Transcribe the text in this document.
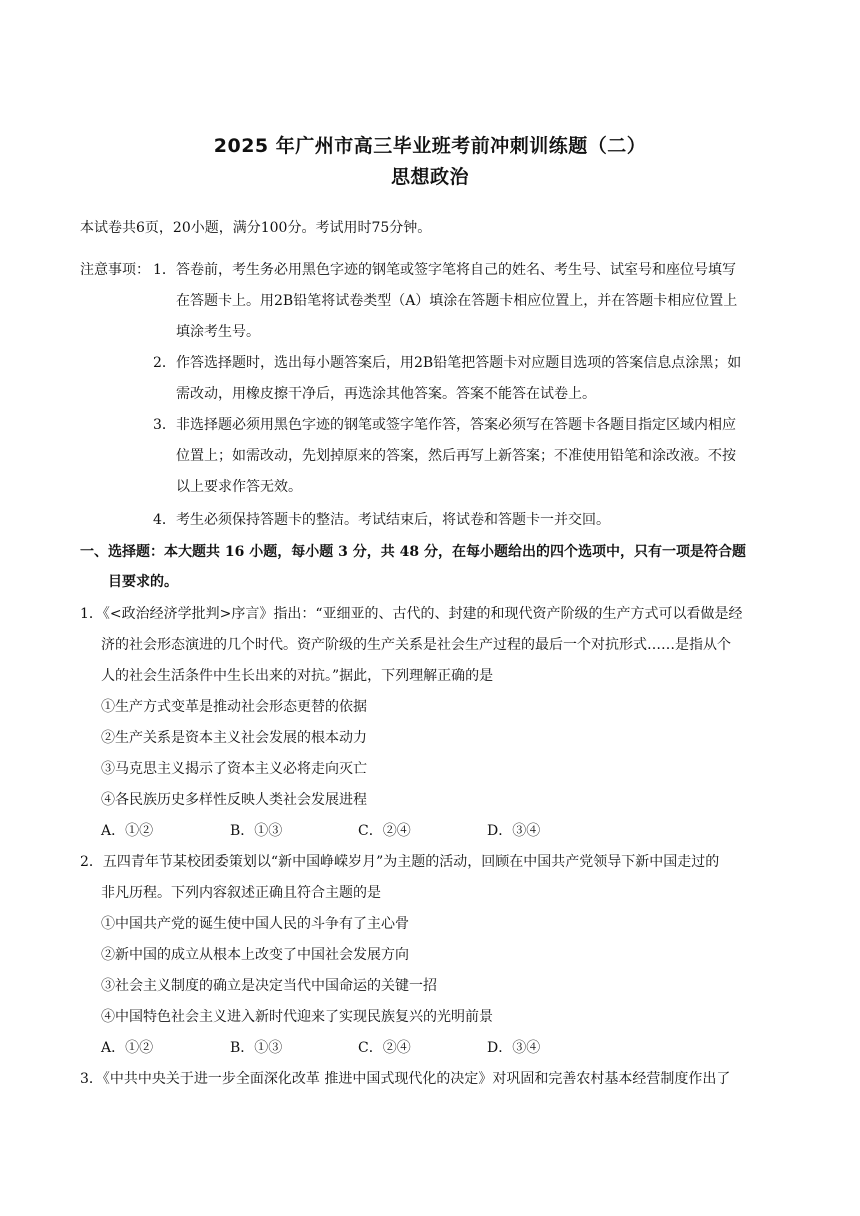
2025 年广州市高三毕业班考前冲刺训练题（二）
思想政治
本试卷共6页，20小题，满分100分。考试用时75分钟。
注意事项： 1． 答卷前，考生务必用黑色字迹的钢笔或签字笔将自己的姓名、考生号、试室号和座位号填写
在答题卡上。用2B铅笔将试卷类型（A）填涂在答题卡相应位置上，并在答题卡相应位置上
填涂考生号。
2． 作答选择题时，选出每小题答案后，用2B铅笔把答题卡对应题目选项的答案信息点涂黑；如
需改动，用橡皮擦干净后，再选涂其他答案。答案不能答在试卷上。
3． 非选择题必须用黑色字迹的钢笔或签字笔作答，答案必须写在答题卡各题目指定区域内相应
位置上；如需改动，先划掉原来的答案，然后再写上新答案；不准使用铅笔和涂改液。不按
以上要求作答无效。
4． 考生必须保持答题卡的整洁。考试结束后，将试卷和答题卡一并交回。
一、选择题：本大题共 16 小题，每小题 3 分，共 48 分，在每小题给出的四个选项中，只有一项是符合题
目要求的。
1．《<政治经济学批判>序言》指出：“亚细亚的、古代的、封建的和现代资产阶级的生产方式可以看做是经
济的社会形态演进的几个时代。资产阶级的生产关系是社会生产过程的最后一个对抗形式……是指从个
人的社会生活条件中生长出来的对抗。”据此，下列理解正确的是
①生产方式变革是推动社会形态更替的依据
②生产关系是资本主义社会发展的根本动力
③马克思主义揭示了资本主义必将走向灭亡
④各民族历史多样性反映人类社会发展进程
A．①②	B．①③	C．②④	D．③④
2．五四青年节某校团委策划以“新中国峥嵘岁月”为主题的活动，回顾在中国共产党领导下新中国走过的
非凡历程。下列内容叙述正确且符合主题的是
①中国共产党的诞生使中国人民的斗争有了主心骨
②新中国的成立从根本上改变了中国社会发展方向
③社会主义制度的确立是决定当代中国命运的关键一招
④中国特色社会主义进入新时代迎来了实现民族复兴的光明前景
A．①②	B．①③	C．②④	D．③④
3．《中共中央关于进一步全面深化改革 推进中国式现代化的决定》对巩固和完善农村基本经营制度作出了
